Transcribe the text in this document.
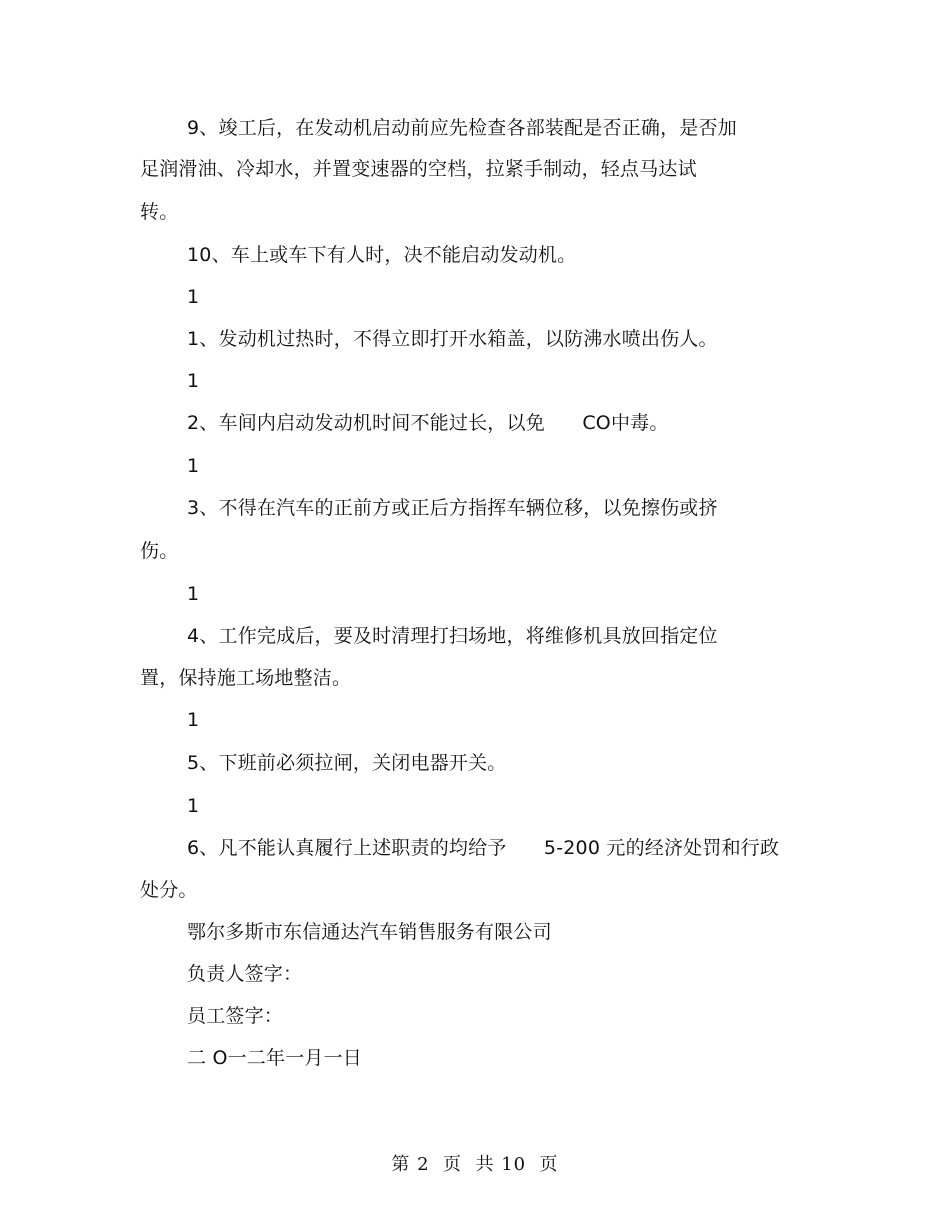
9、竣工后，在发动机启动前应先检查各部装配是否正确，是否加
足润滑油、冷却水，并置变速器的空档，拉紧手制动，轻点马达试
转。
10、车上或车下有人时，决不能启动发动机。
1
1、发动机过热时，不得立即打开水箱盖，以防沸水喷出伤人。
1
2、车间内启动发动机时间不能过长，以免      CO中毒。
1
3、不得在汽车的正前方或正后方指挥车辆位移，以免擦伤或挤
伤。
1
4、工作完成后，要及时清理打扫场地，将维修机具放回指定位
置，保持施工场地整洁。
1
5、下班前必须拉闸，关闭电器开关。
1
6、凡不能认真履行上述职责的均给予      5-200 元的经济处罚和行政
处分。
鄂尔多斯市东信通达汽车销售服务有限公司
负责人签字：
员工签字：
二 O一二年一月一日
第 2  页  共 10  页
